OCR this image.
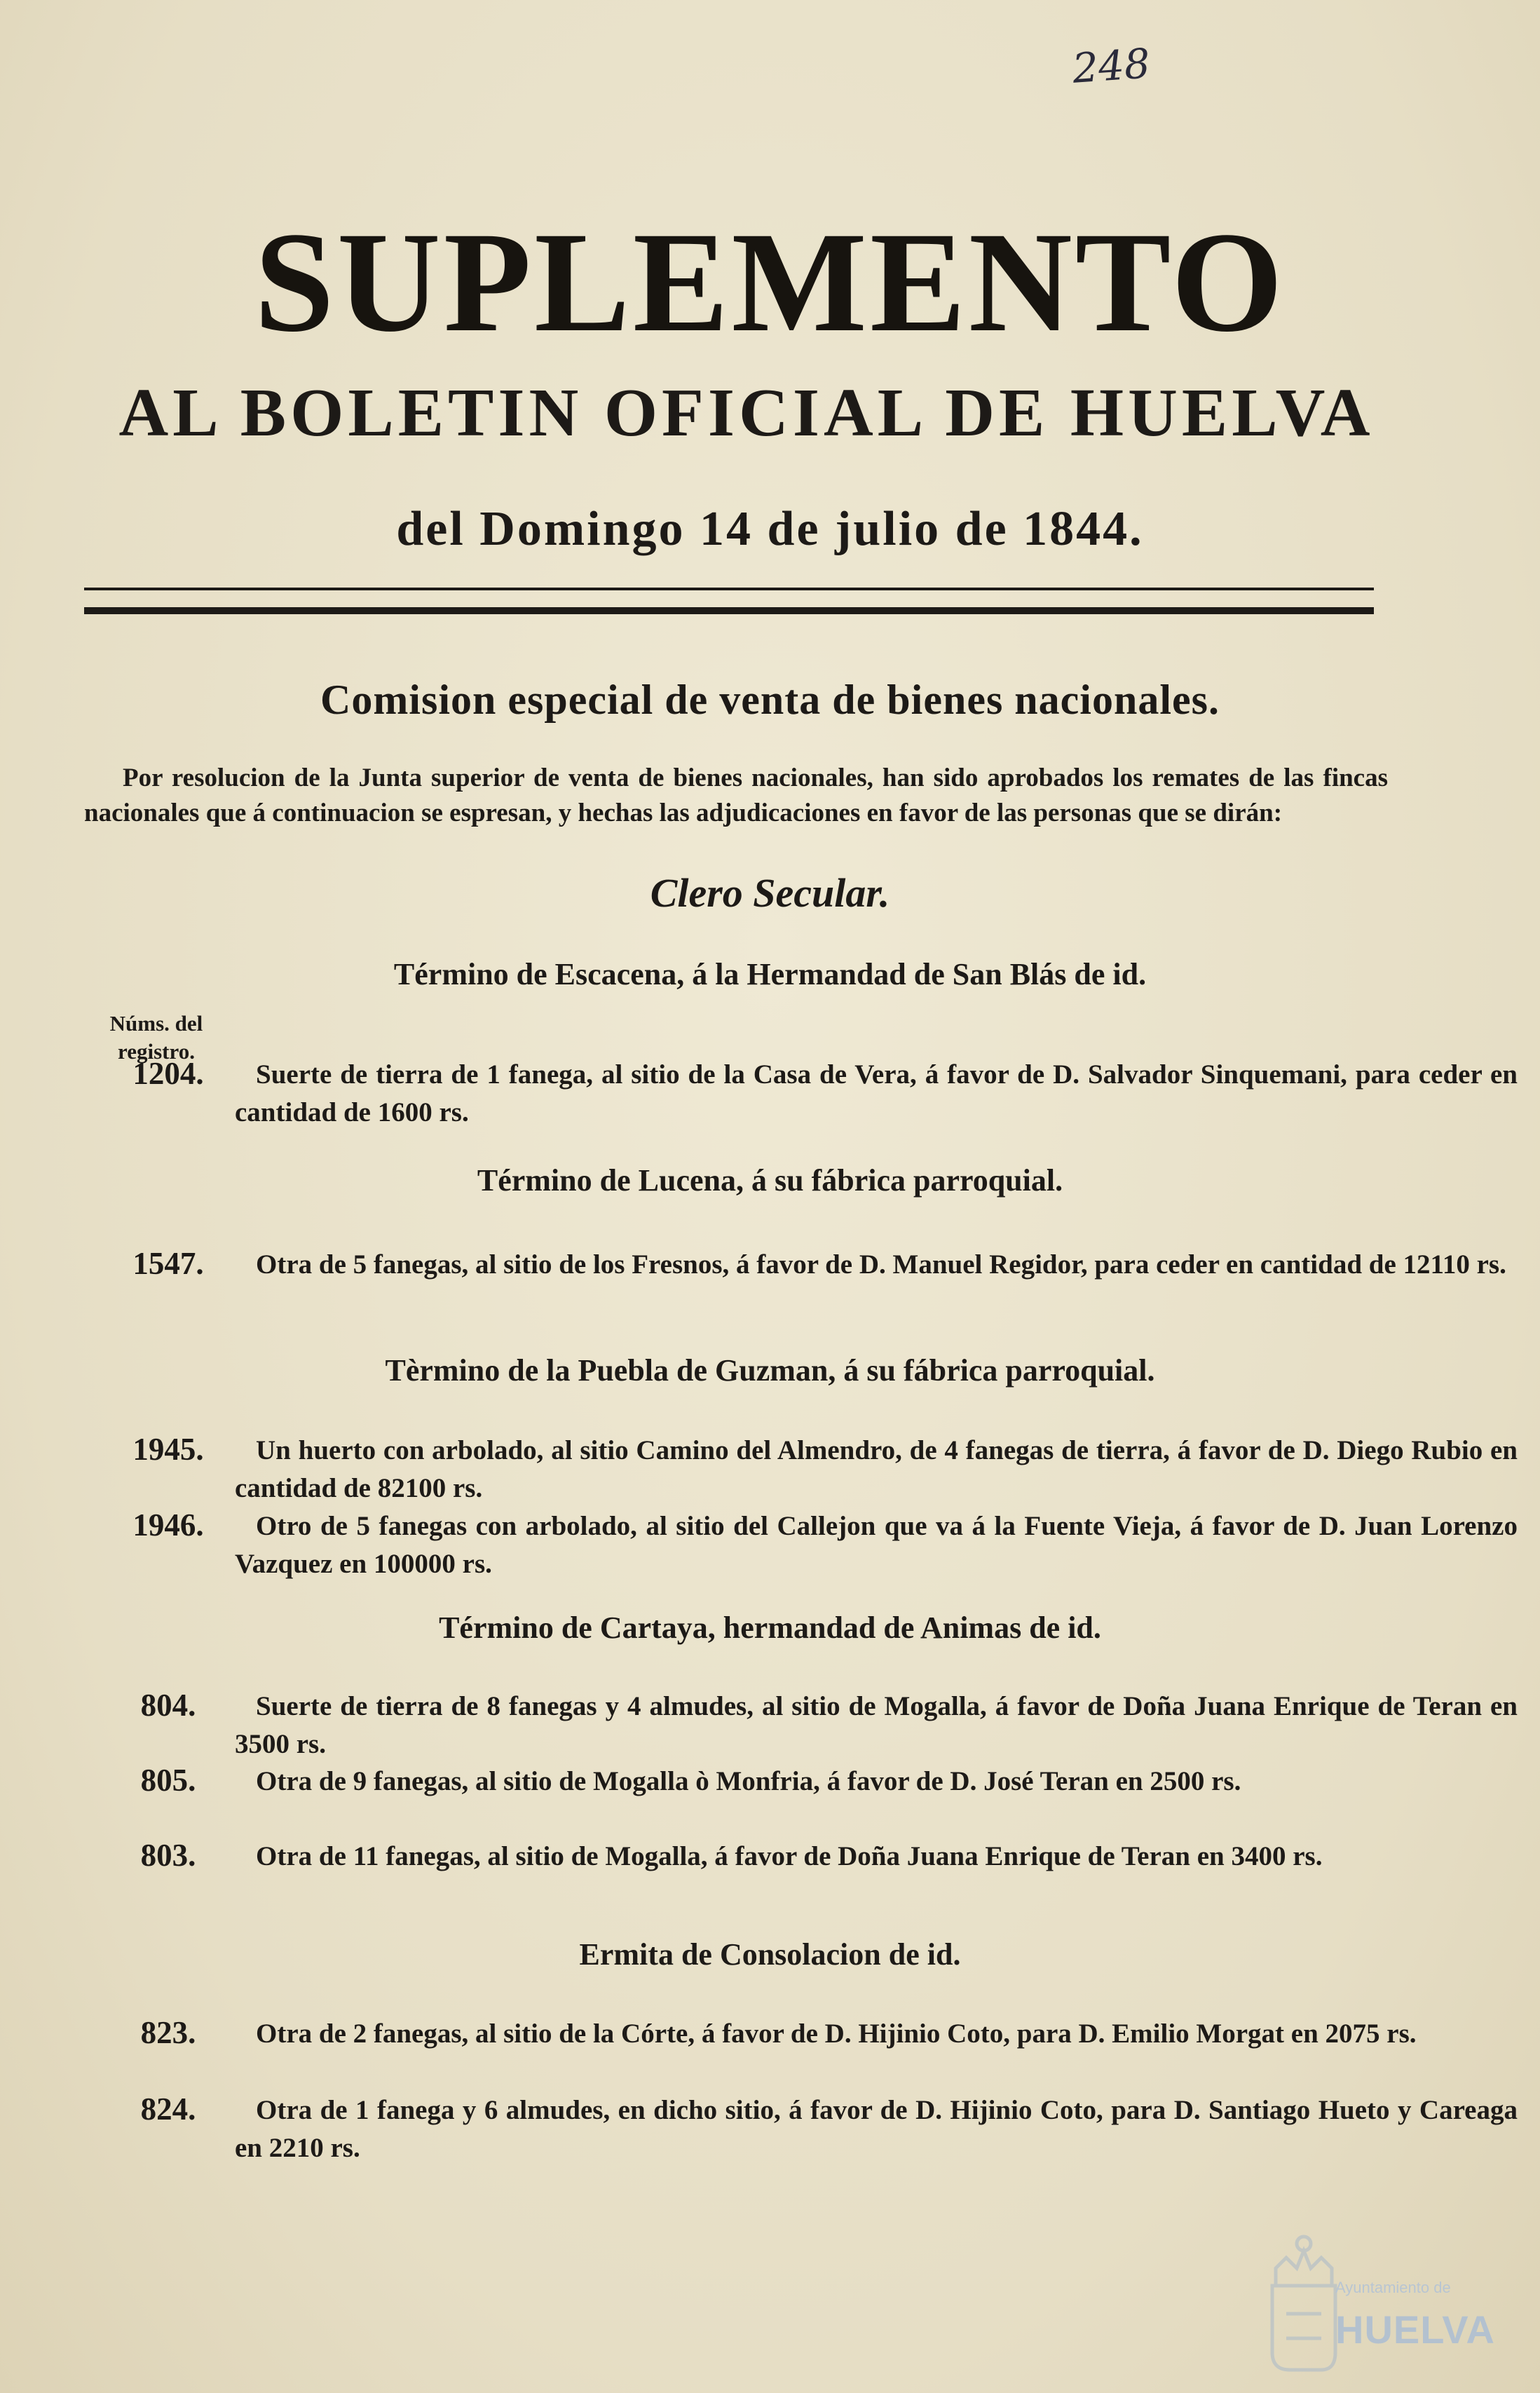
248
SUPLEMENTO
AL BOLETIN OFICIAL DE HUELVA
del Domingo 14 de julio de 1844.
Comision especial de venta de bienes nacionales.
Por resolucion de la Junta superior de venta de bienes nacionales, han sido aprobados los remates de las fincas nacionales que á continuacion se espresan, y hechas las adjudicaciones en favor de las personas que se dirán:
Clero Secular.
Término de Escacena, á la Hermandad de San Blás de id.
Núms. del registro.
1204.	Suerte de tierra de 1 fanega, al sitio de la Casa de Vera, á favor de D. Salvador Sinquemani, para ceder en cantidad de 1600 rs.
Término de Lucena, á su fábrica parroquial.
1547.	Otra de 5 fanegas, al sitio de los Fresnos, á favor de D. Manuel Regidor, para ceder en cantidad de 12110 rs.
Tèrmino de la Puebla de Guzman, á su fábrica parroquial.
1945.	Un huerto con arbolado, al sitio Camino del Almendro, de 4 fanegas de tierra, á favor de D. Diego Rubio en cantidad de 82100 rs.
1946.	Otro de 5 fanegas con arbolado, al sitio del Callejon que va á la Fuente Vieja, á favor de D. Juan Lorenzo Vazquez en 100000 rs.
Término de Cartaya, hermandad de Animas de id.
804.	Suerte de tierra de 8 fanegas y 4 almudes, al sitio de Mogalla, á favor de Doña Juana Enrique de Teran en 3500 rs.
805.	Otra de 9 fanegas, al sitio de Mogalla ò Monfria, á favor de D. José Teran en 2500 rs.
803.	Otra de 11 fanegas, al sitio de Mogalla, á favor de Doña Juana Enrique de Teran en 3400 rs.
Ermita de Consolacion de id.
823.	Otra de 2 fanegas, al sitio de la Córte, á favor de D. Hijinio Coto, para D. Emilio Morgat en 2075 rs.
824.	Otra de 1 fanega y 6 almudes, en dicho sitio, á favor de D. Hijinio Coto, para D. Santiago Hueto y Careaga en 2210 rs.
Ayuntamiento de
HUELVA
